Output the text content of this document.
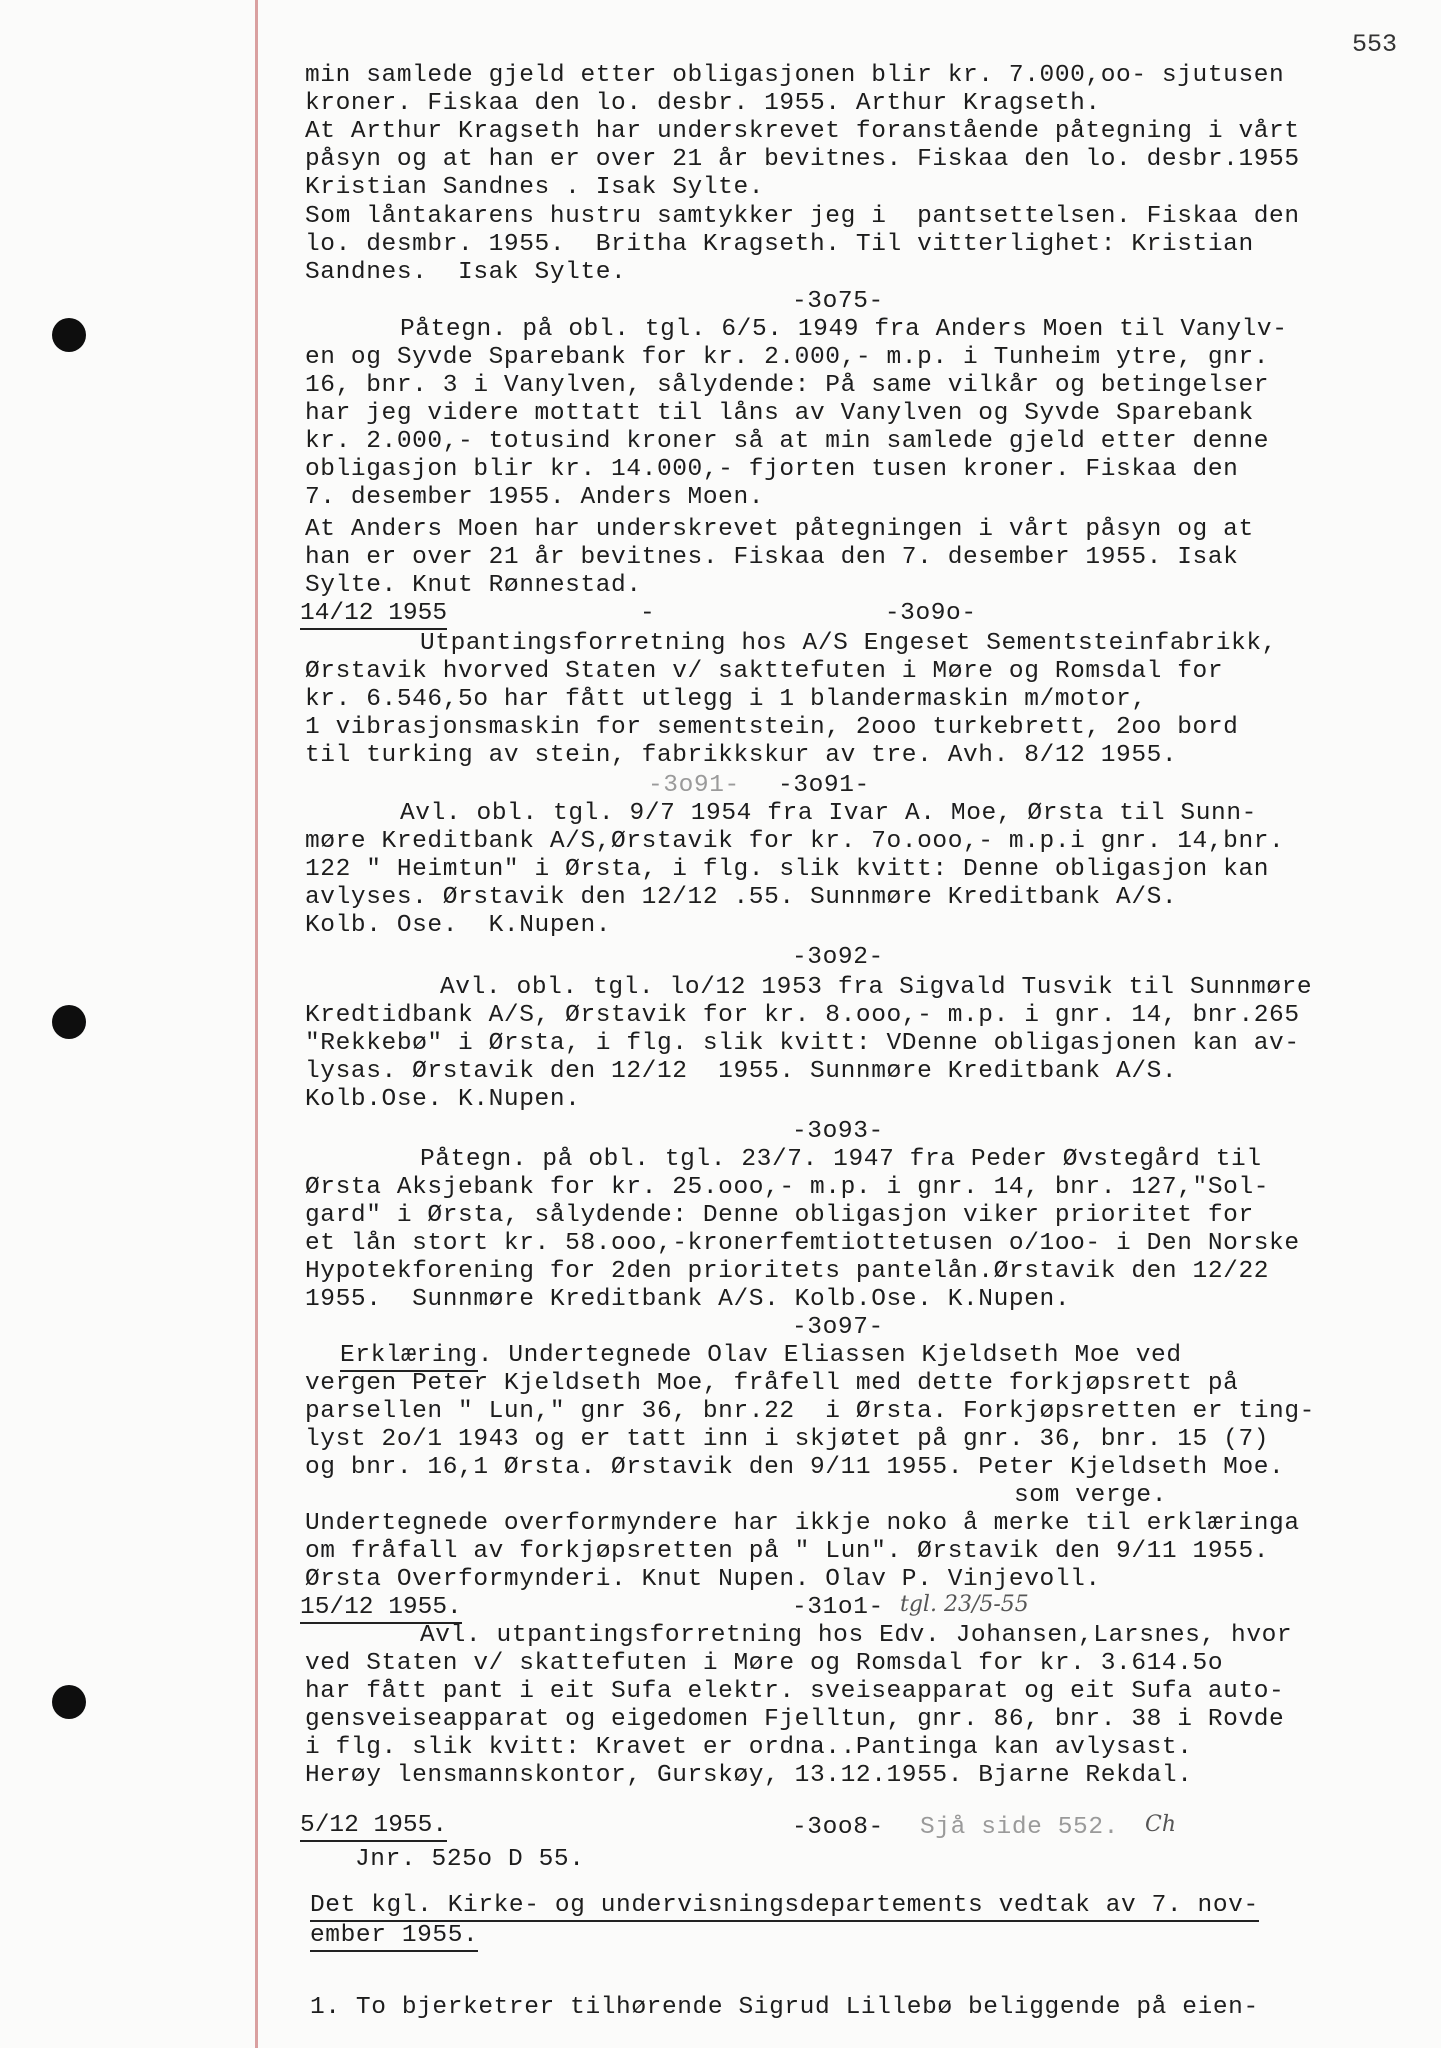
553

min samlede gjeld etter obligasjonen blir kr. 7.000,oo- sjutusen

kroner. Fiskaa den lo. desbr. 1955. Arthur Kragseth.

At Arthur Kragseth har underskrevet foranstående påtegning i vårt

påsyn og at han er over 21 år bevitnes. Fiskaa den lo. desbr.1955

Kristian Sandnes . Isak Sylte.

Som låntakarens hustru samtykker jeg i  pantsettelsen. Fiskaa den

lo. desmbr. 1955.  Britha Kragseth. Til vitterlighet: Kristian

Sandnes.  Isak Sylte.

-3o75-

Påtegn. på obl. tgl. 6/5. 1949 fra Anders Moen til Vanylv-

en og Syvde Sparebank for kr. 2.000,- m.p. i Tunheim ytre, gnr.

16, bnr. 3 i Vanylven, sålydende: På same vilkår og betingelser

har jeg videre mottatt til låns av Vanylven og Syvde Sparebank

kr. 2.000,- totusind kroner så at min samlede gjeld etter denne

obligasjon blir kr. 14.000,- fjorten tusen kroner. Fiskaa den

7. desember 1955. Anders Moen.

At Anders Moen har underskrevet påtegningen i vårt påsyn og at

han er over 21 år bevitnes. Fiskaa den 7. desember 1955. Isak

Sylte. Knut Rønnestad.

14/12 1955	-               -3o9o-

Utpantingsforretning hos A/S Engeset Sementsteinfabrikk,

Ørstavik hvorved Staten v/ sakttefuten i Møre og Romsdal for

kr. 6.546,5o har fått utlegg i 1 blandermaskin m/motor,

1 vibrasjonsmaskin for sementstein, 2ooo turkebrett, 2oo bord

til turking av stein, fabrikkskur av tre. Avh. 8/12 1955.

-3o91- -3o91-

Avl. obl. tgl. 9/7 1954 fra Ivar A. Moe, Ørsta til Sunn-

møre Kreditbank A/S,Ørstavik for kr. 7o.ooo,- m.p.i gnr. 14,bnr.

122 " Heimtun" i Ørsta, i flg. slik kvitt: Denne obligasjon kan

avlyses. Ørstavik den 12/12 .55. Sunnmøre Kreditbank A/S.

Kolb. Ose.  K.Nupen.

-3o92-

Avl. obl. tgl. lo/12 1953 fra Sigvald Tusvik til Sunnmøre

Kredtidbank A/S, Ørstavik for kr. 8.ooo,- m.p. i gnr. 14, bnr.265

"Rekkebø" i Ørsta, i flg. slik kvitt: VDenne obligasjonen kan av-

lysas. Ørstavik den 12/12  1955. Sunnmøre Kreditbank A/S.

Kolb.Ose. K.Nupen.

-3o93-

Påtegn. på obl. tgl. 23/7. 1947 fra Peder Øvstegård til

Ørsta Aksjebank for kr. 25.ooo,- m.p. i gnr. 14, bnr. 127,"Sol-

gard" i Ørsta, sålydende: Denne obligasjon viker prioritet for

et lån stort kr. 58.ooo,-kronerfemtiottetusen o/1oo- i Den Norske

Hypotekforening for 2den prioritets pantelån.Ørstavik den 12/22

1955.  Sunnmøre Kreditbank A/S. Kolb.Ose. K.Nupen.

-3o97-

Erklæring. Undertegnede Olav Eliassen Kjeldseth Moe ved

vergen Peter Kjeldseth Moe, fråfell med dette forkjøpsrett på

parsellen " Lun," gnr 36, bnr.22  i Ørsta. Forkjøpsretten er ting-

lyst 2o/1 1943 og er tatt inn i skjøtet på gnr. 36, bnr. 15 (7)

og bnr. 16,1 Ørsta. Ørstavik den 9/11 1955. Peter Kjeldseth Moe.

som verge.

Undertegnede overformyndere har ikkje noko å merke til erklæringa

om fråfall av forkjøpsretten på " Lun". Ørstavik den 9/11 1955.

Ørsta Overformynderi. Knut Nupen. Olav P. Vinjevoll.

15/12 1955.	-31o1- tgl. 23/5-55

Avl. utpantingsforretning hos Edv. Johansen,Larsnes, hvor

ved Staten v/ skattefuten i Møre og Romsdal for kr. 3.614.5o

har fått pant i eit Sufa elektr. sveiseapparat og eit Sufa auto-

gensveiseapparat og eigedomen Fjelltun, gnr. 86, bnr. 38 i Rovde

i flg. slik kvitt: Kravet er ordna..Pantinga kan avlysast.

Herøy lensmannskontor, Gurskøy, 13.12.1955. Bjarne Rekdal.

5/12 1955.	-3oo8- Sjå side 552. Ch

Jnr. 525o D 55.

Det kgl. Kirke- og undervisningsdepartements vedtak av 7. nov-

ember 1955.

1. To bjerketrer tilhørende Sigrud Lillebø beliggende på eien-
